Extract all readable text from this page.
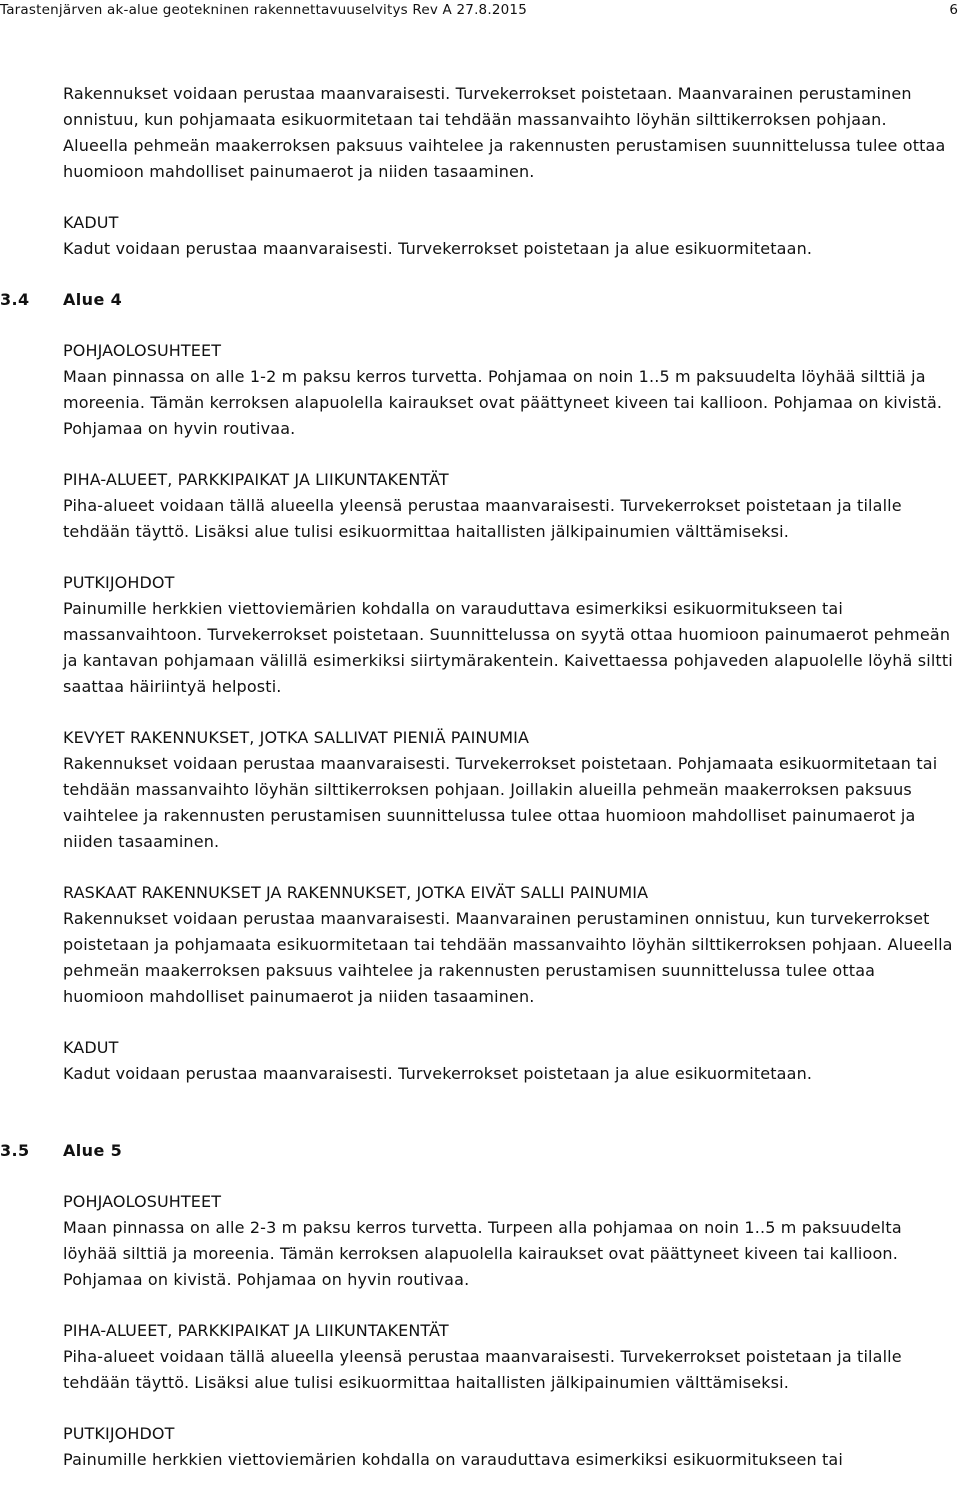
Tarastenjärven ak-alue geotekninen rakennettavuuselvitys Rev A 27.8.2015	6

Rakennukset voidaan perustaa maanvaraisesti. Turvekerrokset poistetaan. Maanvarainen perustaminen onnistuu, kun pohjamaata esikuormitetaan tai tehdään massanvaihto löyhän silttikerroksen pohjaan. Alueella pehmeän maakerroksen paksuus vaihtelee ja rakennusten perustamisen suunnittelussa tulee ottaa huomioon mahdolliset painumaerot ja niiden tasaaminen.

KADUT

Kadut voidaan perustaa maanvaraisesti. Turvekerrokset poistetaan ja alue esikuormitetaan.

3.4 Alue 4

POHJAOLOSUHTEET

Maan pinnassa on alle 1-2 m paksu kerros turvetta. Pohjamaa on noin 1..5 m paksuudelta löyhää silttiä ja moreenia. Tämän kerroksen alapuolella kairaukset ovat päättyneet kiveen tai kallioon. Pohjamaa on kivistä. Pohjamaa on hyvin routivaa.

PIHA-ALUEET, PARKKIPAIKAT JA LIIKUNTAKENTÄT

Piha-alueet voidaan tällä alueella yleensä perustaa maanvaraisesti. Turvekerrokset poistetaan ja tilalle tehdään täyttö. Lisäksi alue tulisi esikuormittaa haitallisten jälkipainumien välttämiseksi.

PUTKIJOHDOT

Painumille herkkien viettoviemärien kohdalla on varauduttava esimerkiksi esikuormitukseen tai massanvaihtoon. Turvekerrokset poistetaan. Suunnittelussa on syytä ottaa huomioon painumaerot pehmeän ja kantavan pohjamaan välillä esimerkiksi siirtymärakentein. Kaivettaessa pohjaveden alapuolelle löyhä siltti saattaa häiriintyä helposti.

KEVYET RAKENNUKSET, JOTKA SALLIVAT PIENIÄ PAINUMIA

Rakennukset voidaan perustaa maanvaraisesti. Turvekerrokset poistetaan. Pohjamaata esikuormitetaan tai tehdään massanvaihto löyhän silttikerroksen pohjaan. Joillakin alueilla pehmeän maakerroksen paksuus vaihtelee ja rakennusten perustamisen suunnittelussa tulee ottaa huomioon mahdolliset painumaerot ja niiden tasaaminen.

RASKAAT RAKENNUKSET JA RAKENNUKSET, JOTKA EIVÄT SALLI PAINUMIA

Rakennukset voidaan perustaa maanvaraisesti. Maanvarainen perustaminen onnistuu, kun turvekerrokset poistetaan ja pohjamaata esikuormitetaan tai tehdään massanvaihto löyhän silttikerroksen pohjaan. Alueella pehmeän maakerroksen paksuus vaihtelee ja rakennusten perustamisen suunnittelussa tulee ottaa huomioon mahdolliset painumaerot ja niiden tasaaminen.

KADUT

Kadut voidaan perustaa maanvaraisesti. Turvekerrokset poistetaan ja alue esikuormitetaan.

3.5 Alue 5

POHJAOLOSUHTEET

Maan pinnassa on alle 2-3 m paksu kerros turvetta. Turpeen alla pohjamaa on noin 1..5 m paksuudelta löyhää silttiä ja moreenia. Tämän kerroksen alapuolella kairaukset ovat päättyneet kiveen tai kallioon. Pohjamaa on kivistä. Pohjamaa on hyvin routivaa.

PIHA-ALUEET, PARKKIPAIKAT JA LIIKUNTAKENTÄT

Piha-alueet voidaan tällä alueella yleensä perustaa maanvaraisesti. Turvekerrokset poistetaan ja tilalle tehdään täyttö. Lisäksi alue tulisi esikuormittaa haitallisten jälkipainumien välttämiseksi.

PUTKIJOHDOT

Painumille herkkien viettoviemärien kohdalla on varauduttava esimerkiksi esikuormitukseen tai
